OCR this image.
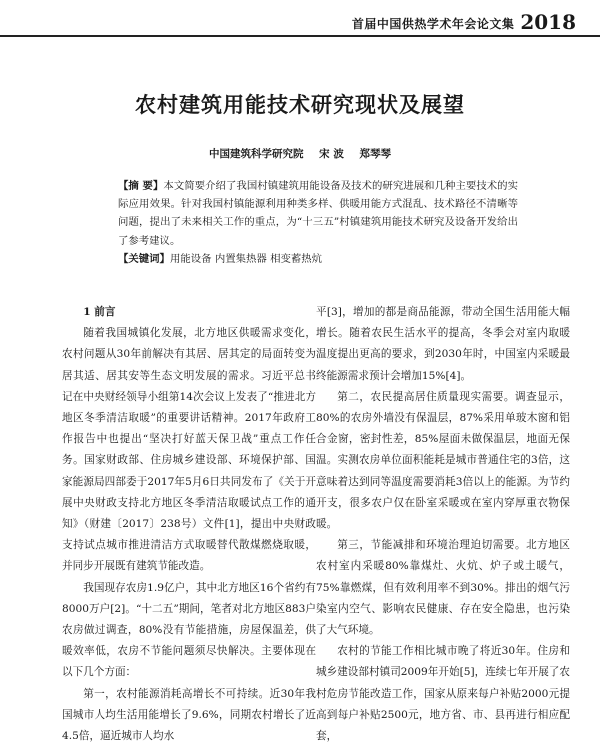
首届中国供热学术年会论文集 2018
农村建筑用能技术研究现状及展望
中国建筑科学研究院 宋 波 郑琴琴
【摘 要】本文简要介绍了我国村镇建筑用能设备及技术的研究进展和几种主要技术的实际应用效果。针对我国村镇能源利用种类多样、供暖用能方式混乱、技术路径不清晰等问题，提出了未来相关工作的重点，为“十三五”村镇建筑用能技术研究及设备开发给出了参考建议。
【关键词】用能设备 内置集热器 相变蓄热炕

1 前言

随着我国城镇化发展，北方地区供暖需求变化，农村问题从30年前解决有其居、居其定的局面转变为居其适、居其安等生态文明发展的需求。习近平总书记在中央财经领导小组第14次会议上发表了“推进北方地区冬季清洁取暖”的重要讲话精神。2017年政府工作报告中也提出“坚决打好蓝天保卫战”重点工作任务。国家财政部、住房城乡建设部、环境保护部、国家能源局四部委于2017年5月6日共同发布了《关于开展中央财政支持北方地区冬季清洁取暖试点工作的通知》（财建〔2017〕238号）文件[1]，提出中央财政支持试点城市推进清洁方式取暖替代散煤燃烧取暖，并同步开展既有建筑节能改造。

我国现存农房1.9亿户，其中北方地区16个省约有8000万户[2]。“十二五”期间，笔者对北方地区883户农房做过调查，80%没有节能措施，房屋保温差，供暖效率低，农房不节能问题须尽快解决。主要体现在以下几个方面：

第一，农村能源消耗高增长不可持续。近30年我国城市人均生活用能增长了9.6%，同期农村增长了近4.5倍，逼近城市人均水

平[3]，增加的都是商品能源，带动全国生活用能大幅增长。随着农民生活水平的提高，冬季会对室内取暖温度提出更高的要求，到2030年时，中国室内采暖最终能源需求预计会增加15%[4]。

第二，农民提高居住质量现实需要。调查显示，80%的农房外墙没有保温层，87%采用单玻木窗和铝合金窗，密封性差，85%屋面未做保温层，地面无保温。实测农房单位面积能耗是城市普通住宅的3倍，这意味着达到同等温度需要消耗3倍以上的能源。为节约开支，很多农户仅在卧室采暖或在室内穿厚重衣物保暖。

第三，节能减排和环境治理迫切需要。北方地区农村室内采暖80%靠煤灶、火炕、炉子或土暖气，75%靠燃煤，但有效利用率不到30%。排出的烟气污染室内空气、影响农民健康、存在安全隐患，也污染了大气环境。

农村的节能工作相比城市晚了将近30年。住房和城乡建设部村镇司2009年开始[5]，连续七年开展了农村危房节能改造工作，国家从原来每户补贴2000元提高到每户补贴2500元，地方省、市、县再进行相应配套，
